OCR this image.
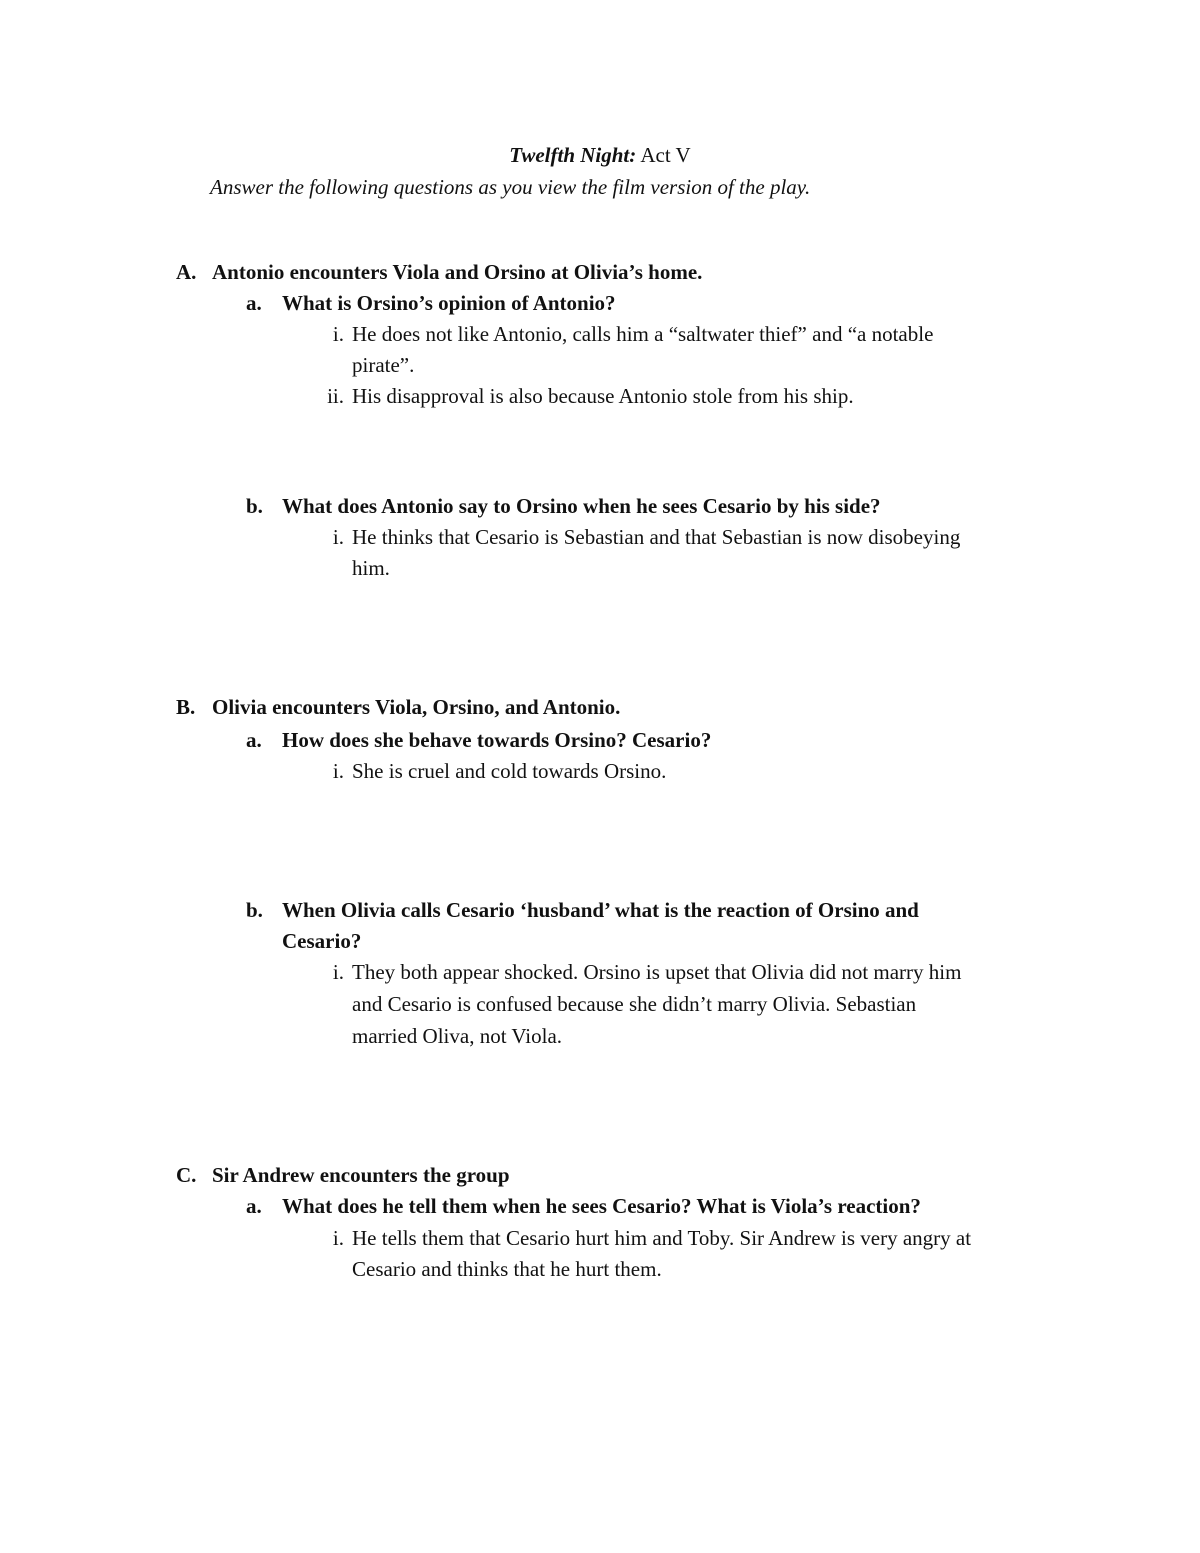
Twelfth Night: Act V
Answer the following questions as you view the film version of the play.
A. Antonio encounters Viola and Orsino at Olivia’s home.
a. What is Orsino’s opinion of Antonio?
i. He does not like Antonio, calls him a “saltwater thief” and “a notable
pirate”.
ii. His disapproval is also because Antonio stole from his ship.
b. What does Antonio say to Orsino when he sees Cesario by his side?
i. He thinks that Cesario is Sebastian and that Sebastian is now disobeying
him.
B. Olivia encounters Viola, Orsino, and Antonio.
a. How does she behave towards Orsino? Cesario?
i. She is cruel and cold towards Orsino.
b. When Olivia calls Cesario ‘husband’ what is the reaction of Orsino and
Cesario?
i. They both appear shocked. Orsino is upset that Olivia did not marry him
and Cesario is confused because she didn’t marry Olivia. Sebastian
married Oliva, not Viola.
C. Sir Andrew encounters the group
a. What does he tell them when he sees Cesario? What is Viola’s reaction?
i. He tells them that Cesario hurt him and Toby. Sir Andrew is very angry at
Cesario and thinks that he hurt them.
